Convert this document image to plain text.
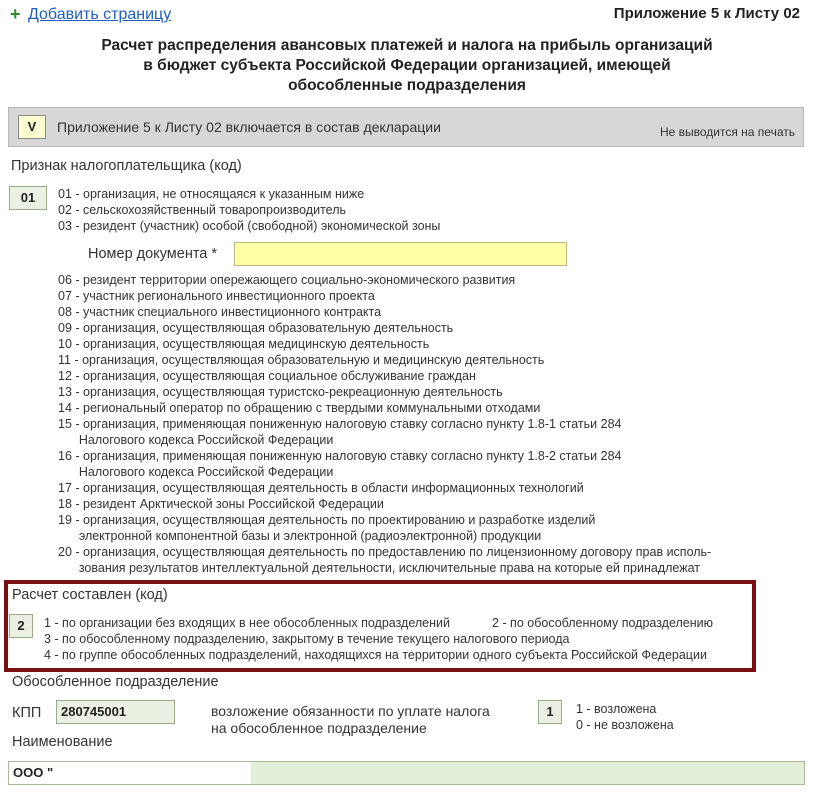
+ Добавить страницу	Приложение 5 к Листу 02
Расчет распределения авансовых платежей и налога на прибыль организаций
в бюджет субъекта Российской Федерации организацией, имеющей
обособленные подразделения
V	Приложение 5 к Листу 02 включается в состав декларации	Не выводится на печать
Признак налогоплательщика (код)
01	01 - организация, не относящаяся к указанным ниже
02 - сельскохозяйственный товаропроизводитель
03 - резидент (участник) особой (свободной) экономической зоны
Номер документа *
06 - резидент территории опережающего социально-экономического развития
07 - участник регионального инвестиционного проекта
08 - участник специального инвестиционного контракта
09 - организация, осуществляющая образовательную деятельность
10 - организация, осуществляющая медицинскую деятельность
11 - организация, осуществляющая образовательную и медицинскую деятельность
12 - организация, осуществляющая социальное обслуживание граждан
13 - организация, осуществляющая туристско-рекреационную деятельность
14 - региональный оператор по обращению с твердыми коммунальными отходами
15 - организация, применяющая пониженную налоговую ставку согласно пункту 1.8-1 статьи 284
Налогового кодекса Российской Федерации
16 - организация, применяющая пониженную налоговую ставку согласно пункту 1.8-2 статьи 284
Налогового кодекса Российской Федерации
17 - организация, осуществляющая деятельность в области информационных технологий
18 - резидент Арктической зоны Российской Федерации
19 - организация, осуществляющая деятельность по проектированию и разработке изделий
электронной компонентной базы и электронной (радиоэлектронной) продукции
20 - организация, осуществляющая деятельность по предоставлению по лицензионному договору прав исполь-
зования результатов интеллектуальной деятельности, исключительные права на которые ей принадлежат
Расчет составлен (код)
2	1 - по организации без входящих в нее обособленных подразделений	2 - по обособленному подразделению
3 - по обособленному подразделению, закрытому в течение текущего налогового периода
4 - по группе обособленных подразделений, находящихся на территории одного субъекта Российской Федерации
Обособленное подразделение
КПП	280745001	возложение обязанности по уплате налога
на обособленное подразделение
1	1 - возложена
0 - не возложена
Наименование
ООО "
